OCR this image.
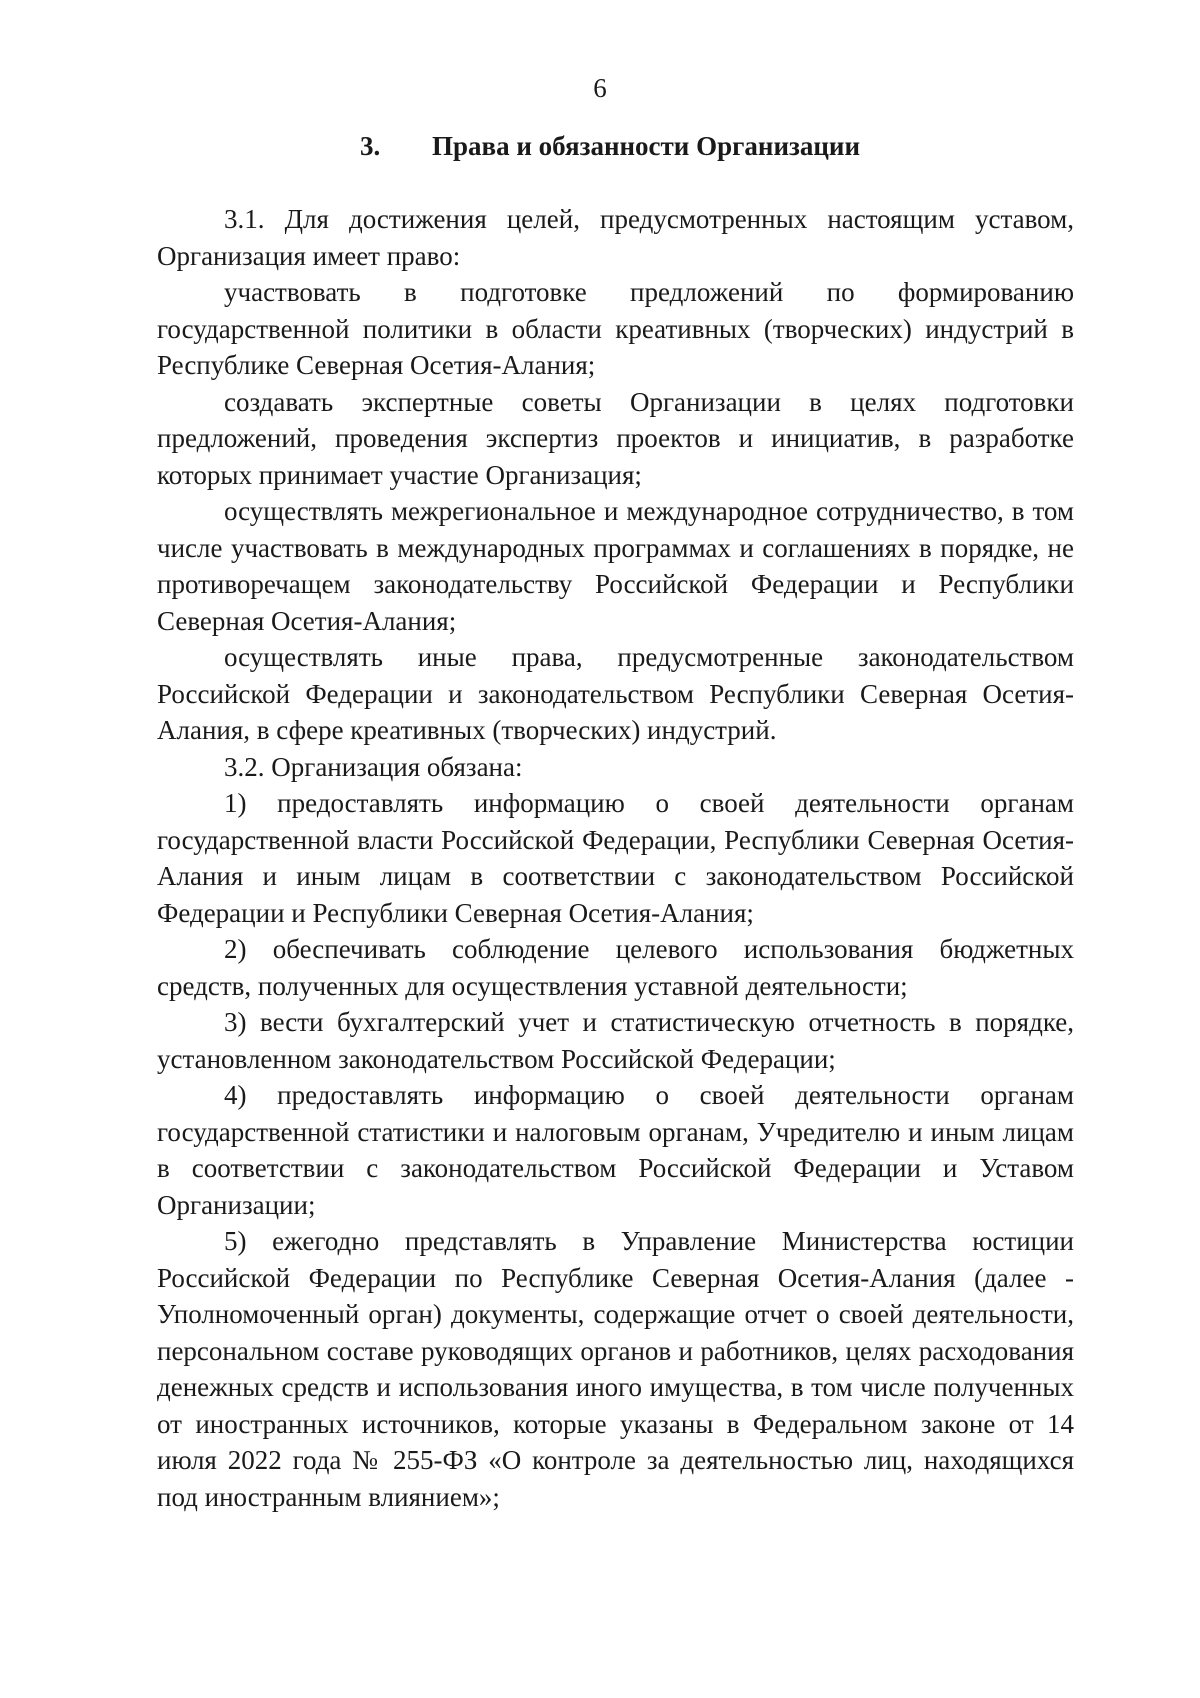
6
3. Права и обязанности Организации

3.1. Для достижения целей, предусмотренных настоящим уставом, Организация имеет право:

участвовать в подготовке предложений по формированию государственной политики в области креативных (творческих) индустрий в Республике Северная Осетия-Алания;

создавать экспертные советы Организации в целях подготовки предложений, проведения экспертиз проектов и инициатив, в разработке которых принимает участие Организация;

осуществлять межрегиональное и международное сотрудничество, в том числе участвовать в международных программах и соглашениях в порядке, не противоречащем законодательству Российской Федерации и Республики Северная Осетия-Алания;

осуществлять иные права, предусмотренные законодательством Российской Федерации и законодательством Республики Северная Осетия-Алания, в сфере креативных (творческих) индустрий.

3.2. Организация обязана:

1) предоставлять информацию о своей деятельности органам государственной власти Российской Федерации, Республики Северная Осетия-Алания и иным лицам в соответствии с законодательством Российской Федерации и Республики Северная Осетия-Алания;

2) обеспечивать соблюдение целевого использования бюджетных средств, полученных для осуществления уставной деятельности;

3) вести бухгалтерский учет и статистическую отчетность в порядке, установленном законодательством Российской Федерации;

4) предоставлять информацию о своей деятельности органам государственной статистики и налоговым органам, Учредителю и иным лицам в соответствии с законодательством Российской Федерации и Уставом Организации;

5) ежегодно представлять в Управление Министерства юстиции Российской Федерации по Республике Северная Осетия-Алания (далее - Уполномоченный орган) документы, содержащие отчет о своей деятельности, персональном составе руководящих органов и работников, целях расходования денежных средств и использования иного имущества, в том числе полученных от иностранных источников, которые указаны в Федеральном законе от 14 июля 2022 года № 255-ФЗ «О контроле за деятельностью лиц, находящихся под иностранным влиянием»;
